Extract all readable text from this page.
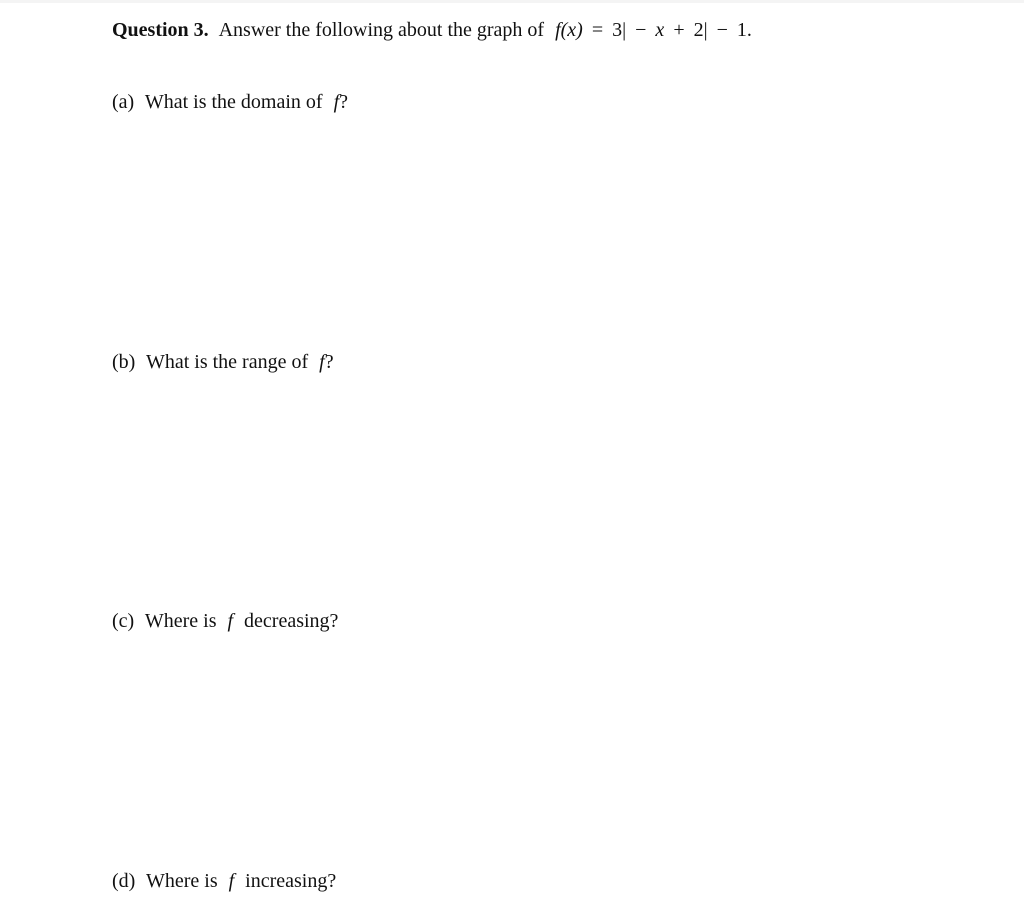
Question 3. Answer the following about the graph of f(x) = 3| − x + 2| − 1.
(a) What is the domain of f?
(b) What is the range of f?
(c) Where is f decreasing?
(d) Where is f increasing?
